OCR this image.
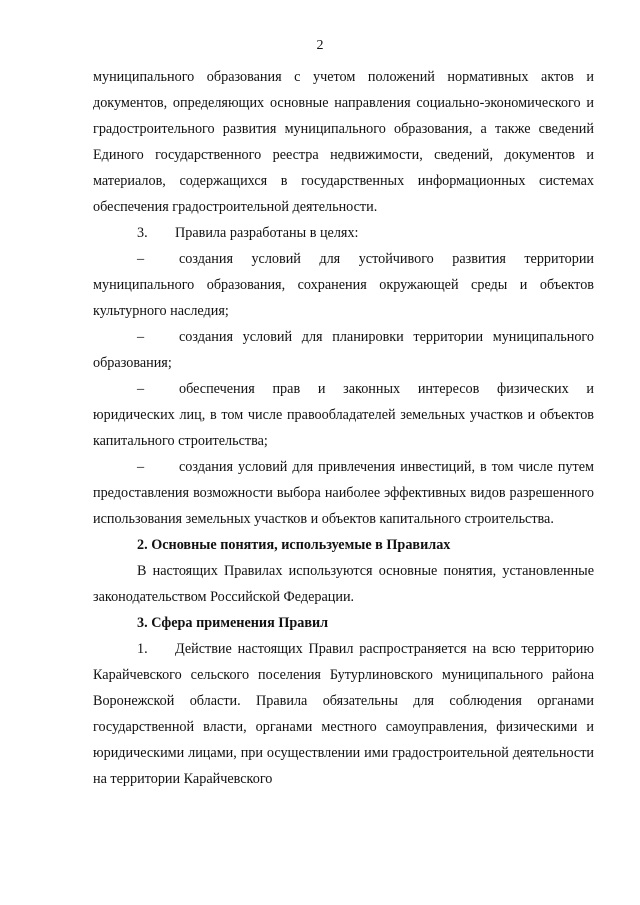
2

муниципального образования с учетом положений нормативных актов и документов, определяющих основные направления социально-экономического и градостроительного развития муниципального образования, а также сведений Единого государственного реестра недвижимости, сведений, документов и материалов, содержащихся в государственных информационных системах обеспечения градостроительной деятельности.

3. Правила разработаны в целях:

– создания условий для устойчивого развития территории муниципального образования, сохранения окружающей среды и объектов культурного наследия;

– создания условий для планировки территории муниципального образования;

– обеспечения прав и законных интересов физических и юридических лиц, в том числе правообладателей земельных участков и объектов капитального строительства;

– создания условий для привлечения инвестиций, в том числе путем предоставления возможности выбора наиболее эффективных видов разрешенного использования земельных участков и объектов капитального строительства.

2. Основные понятия, используемые в Правилах

В настоящих Правилах используются основные понятия, установленные законодательством Российской Федерации.

3. Сфера применения Правил

1. Действие настоящих Правил распространяется на всю территорию Карайчевского сельского поселения Бутурлиновского муниципального района Воронежской области. Правила обязательны для соблюдения органами государственной власти, органами местного самоуправления, физическими и юридическими лицами, при осуществлении ими градостроительной деятельности на территории Карайчевского
